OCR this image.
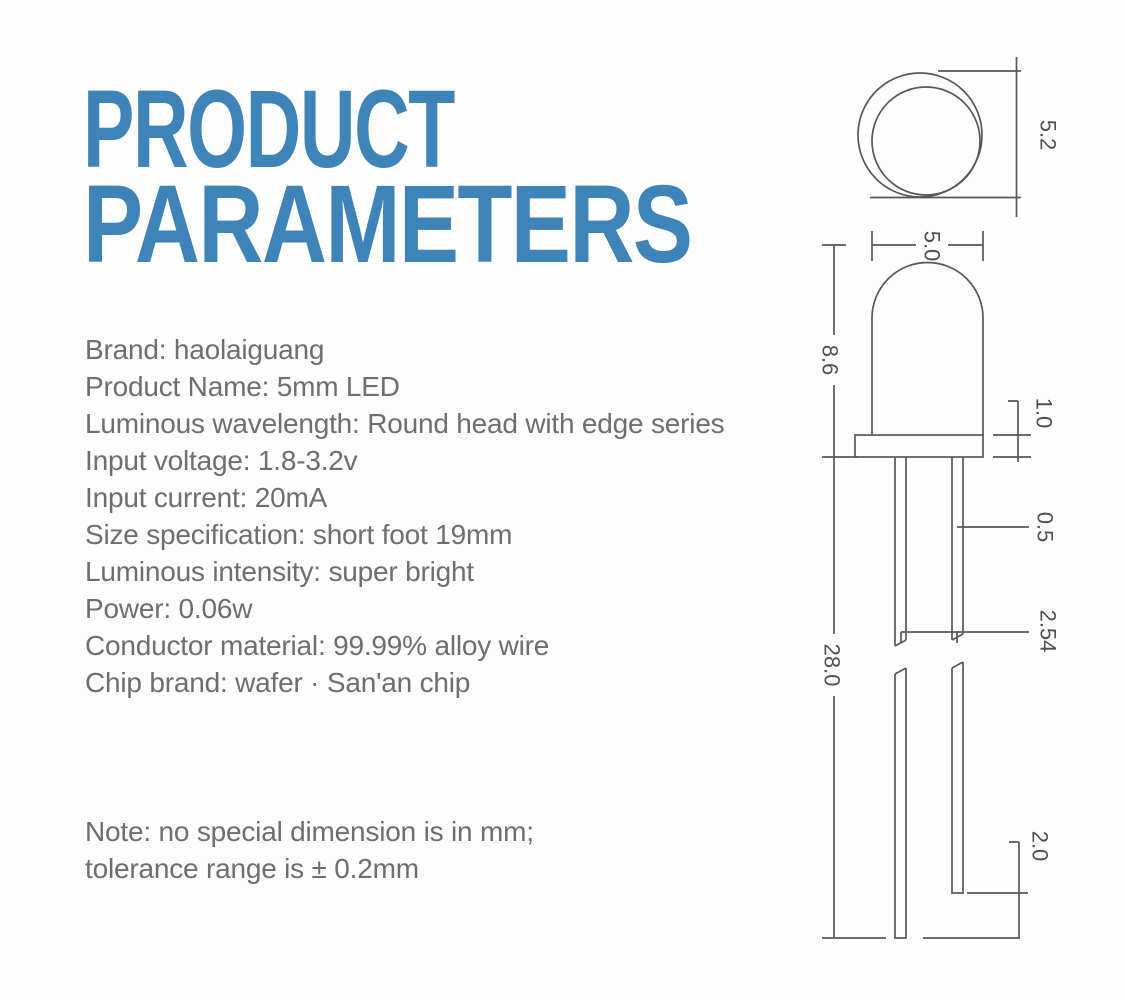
PRODUCT
PARAMETERS
Brand: haolaiguang
Product Name: 5mm LED
Luminous wavelength: Round head with edge series
Input voltage: 1.8-3.2v
Input current: 20mA
Size specification: short foot 19mm
Luminous intensity: super bright
Power: 0.06w
Conductor material: 99.99% alloy wire
Chip brand: wafer · San'an chip
Note: no special dimension is in mm;
tolerance range is ± 0.2mm
5.2
5.0
8.6
28.0
1.0
0.5
2.54
2.0
